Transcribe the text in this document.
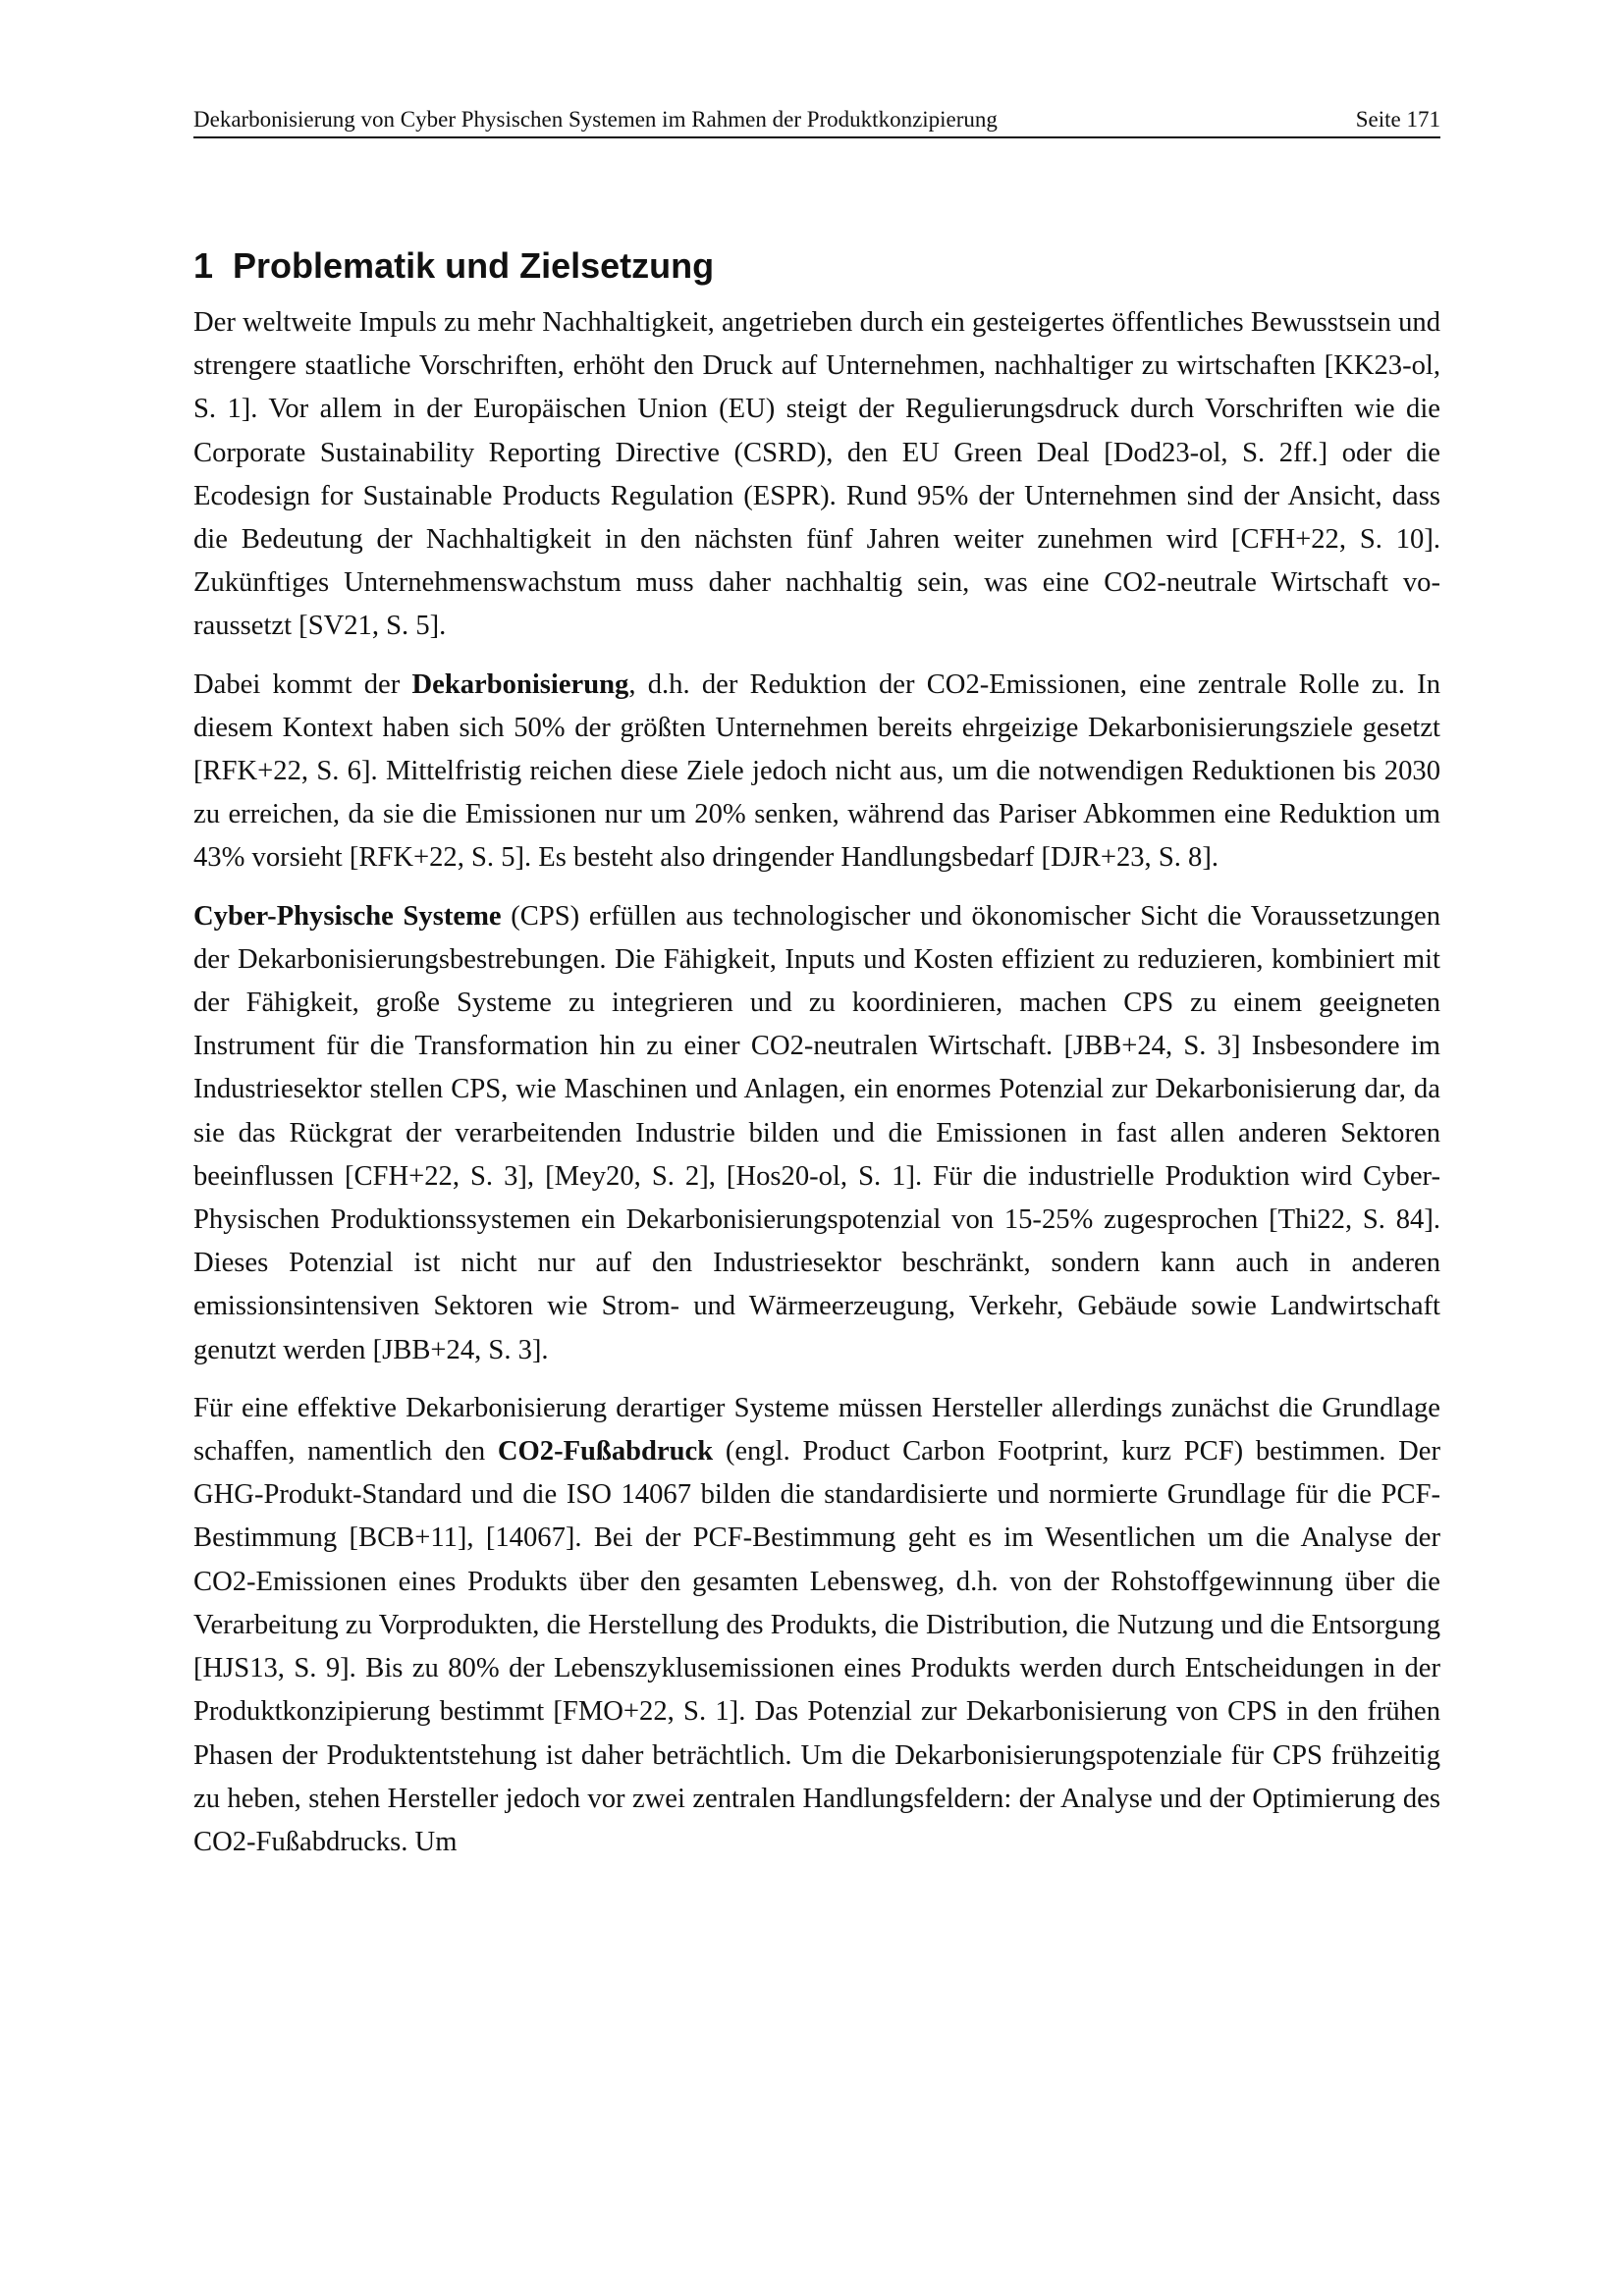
Dekarbonisierung von Cyber Physischen Systemen im Rahmen der Produktkonzipierung	Seite 171
1 Problematik und Zielsetzung

Der weltweite Impuls zu mehr Nachhaltigkeit, angetrieben durch ein gesteigertes öffentliches Bewusstsein und strengere staatliche Vorschriften, erhöht den Druck auf Unternehmen, nachhaltiger zu wirtschaften [KK23-ol, S. 1]. Vor allem in der Europäischen Union (EU) steigt der Regulierungsdruck durch Vorschriften wie die Corporate Sustainability Reporting Directive (CSRD), den EU Green Deal [Dod23-ol, S. 2ff.] oder die Ecodesign for Sustainable Products Regulation (ESPR). Rund 95% der Unternehmen sind der Ansicht, dass die Bedeutung der Nachhaltigkeit in den nächsten fünf Jahren weiter zunehmen wird [CFH+22, S. 10]. Zukünftiges Unternehmenswachstum muss daher nachhaltig sein, was eine CO2-neutrale Wirtschaft voraussetzt [SV21, S. 5].

Dabei kommt der Dekarbonisierung, d.h. der Reduktion der CO2-Emissionen, eine zentrale Rolle zu. In diesem Kontext haben sich 50% der größten Unternehmen bereits ehrgeizige Dekarbonisierungsziele gesetzt [RFK+22, S. 6]. Mittelfristig reichen diese Ziele jedoch nicht aus, um die notwendigen Reduktionen bis 2030 zu erreichen, da sie die Emissionen nur um 20% senken, während das Pariser Abkommen eine Reduktion um 43% vorsieht [RFK+22, S. 5]. Es besteht also dringender Handlungsbedarf [DJR+23, S. 8].

Cyber-Physische Systeme (CPS) erfüllen aus technologischer und ökonomischer Sicht die Voraussetzungen der Dekarbonisierungsbestrebungen. Die Fähigkeit, Inputs und Kosten effizient zu reduzieren, kombiniert mit der Fähigkeit, große Systeme zu integrieren und zu koordinieren, machen CPS zu einem geeigneten Instrument für die Transformation hin zu einer CO2-neutralen Wirtschaft. [JBB+24, S. 3] Insbesondere im Industriesektor stellen CPS, wie Maschinen und Anlagen, ein enormes Potenzial zur Dekarbonisierung dar, da sie das Rückgrat der verarbeitenden Industrie bilden und die Emissionen in fast allen anderen Sektoren beeinflussen [CFH+22, S. 3], [Mey20, S. 2], [Hos20-ol, S. 1]. Für die industrielle Produktion wird Cyber-Physischen Produktionssystemen ein Dekarbonisierungspotenzial von 15-25% zugesprochen [Thi22, S. 84]. Dieses Potenzial ist nicht nur auf den Industriesektor beschränkt, sondern kann auch in anderen emissionsintensiven Sektoren wie Strom- und Wärmeerzeugung, Verkehr, Gebäude sowie Landwirtschaft genutzt werden [JBB+24, S. 3].

Für eine effektive Dekarbonisierung derartiger Systeme müssen Hersteller allerdings zunächst die Grundlage schaffen, namentlich den CO2-Fußabdruck (engl. Product Carbon Footprint, kurz PCF) bestimmen. Der GHG-Produkt-Standard und die ISO 14067 bilden die standardisierte und normierte Grundlage für die PCF-Bestimmung [BCB+11], [14067]. Bei der PCF-Bestimmung geht es im Wesentlichen um die Analyse der CO2-Emissionen eines Produkts über den gesamten Lebensweg, d.h. von der Rohstoffgewinnung über die Verarbeitung zu Vorprodukten, die Herstellung des Produkts, die Distribution, die Nutzung und die Entsorgung [HJS13, S. 9]. Bis zu 80% der Lebenszyklusemissionen eines Produkts werden durch Entscheidungen in der Produktkonzipierung bestimmt [FMO+22, S. 1]. Das Potenzial zur Dekarbonisierung von CPS in den frühen Phasen der Produktentstehung ist daher beträchtlich. Um die Dekarbonisierungspotenziale für CPS frühzeitig zu heben, stehen Hersteller jedoch vor zwei zentralen Handlungsfeldern: der Analyse und der Optimierung des CO2-Fußabdrucks. Um
